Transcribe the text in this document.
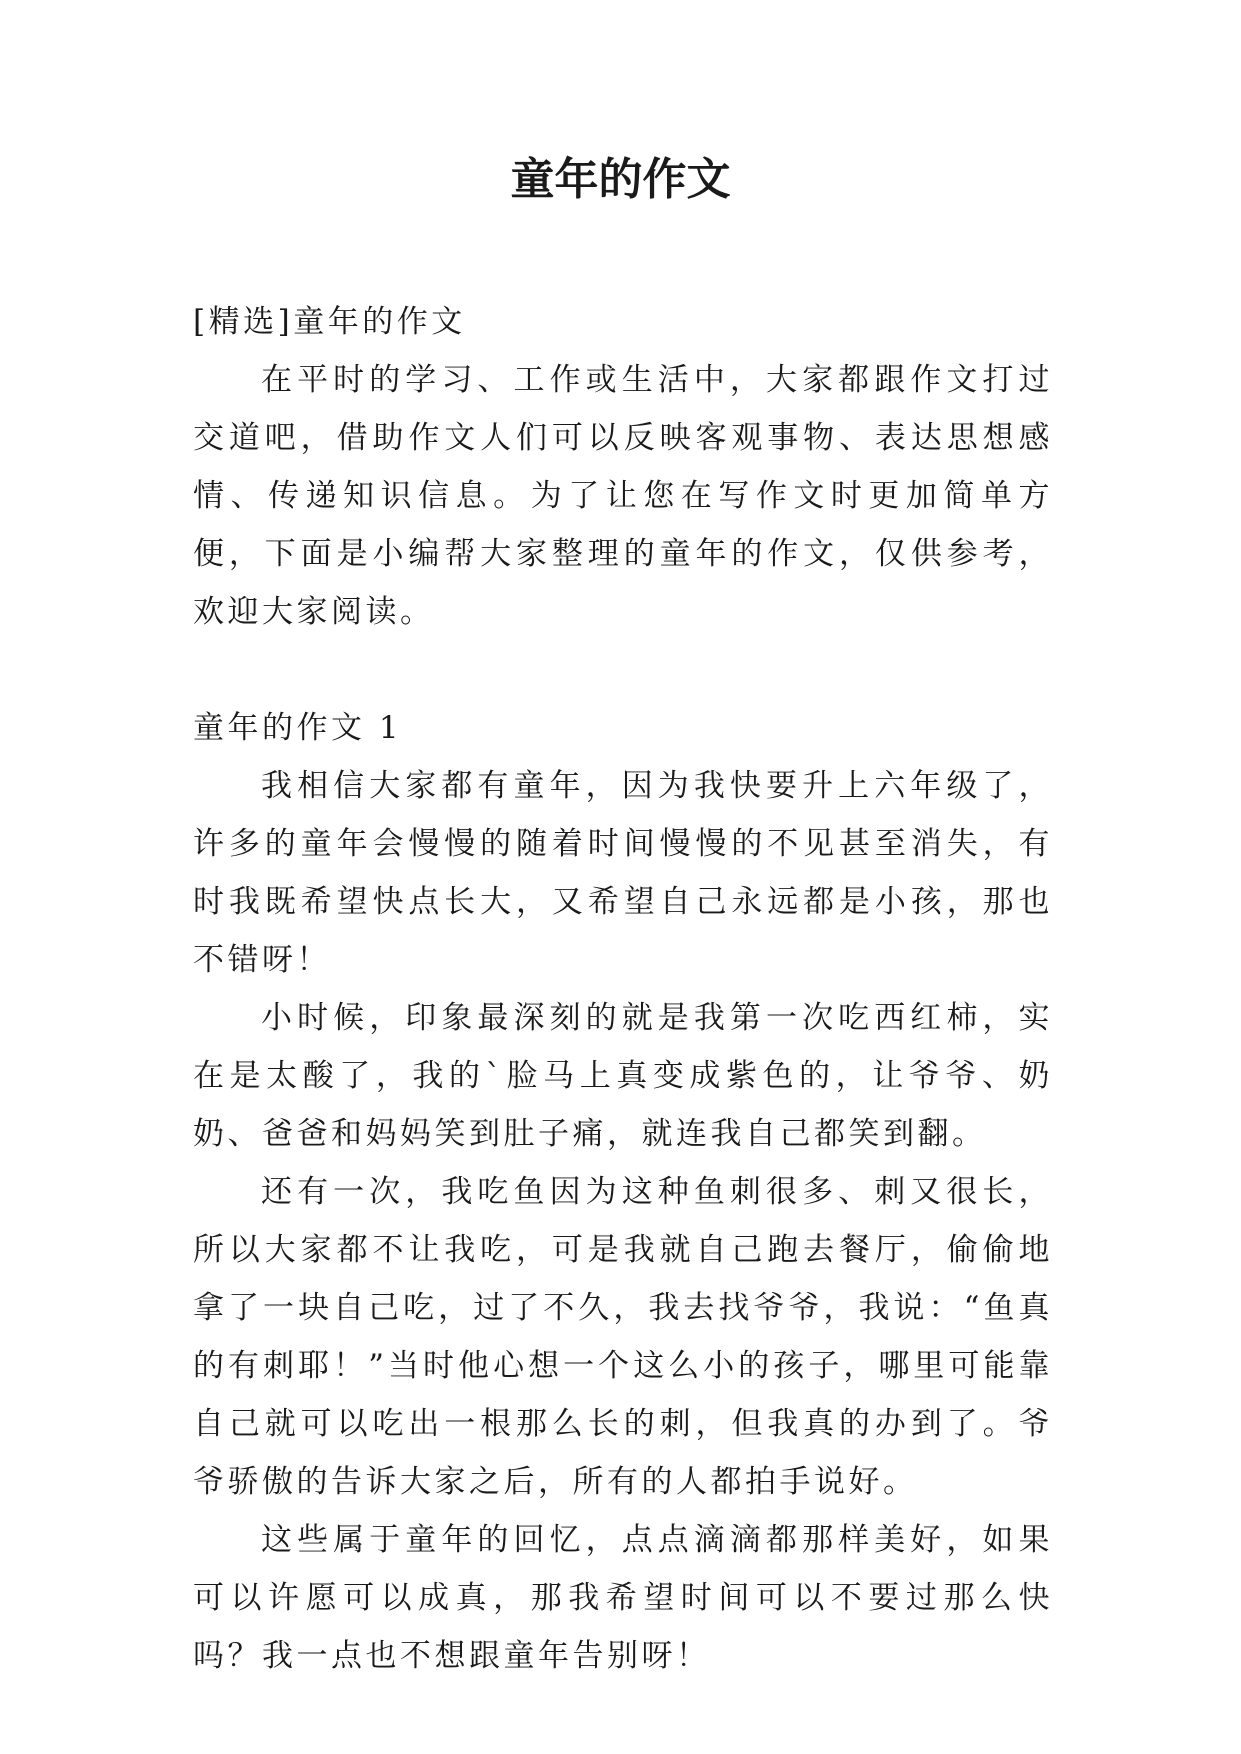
童年的作文

[精选]童年的作文

在平时的学习、工作或生活中，大家都跟作文打过交道吧，借助作文人们可以反映客观事物、表达思想感情、传递知识信息。为了让您在写作文时更加简单方便，下面是小编帮大家整理的童年的作文，仅供参考，欢迎大家阅读。

童年的作文 1

我相信大家都有童年，因为我快要升上六年级了，许多的童年会慢慢的随着时间慢慢的不见甚至消失，有时我既希望快点长大，又希望自己永远都是小孩，那也不错呀！

小时候，印象最深刻的就是我第一次吃西红柿，实在是太酸了，我的`脸马上真变成紫色的，让爷爷、奶奶、爸爸和妈妈笑到肚子痛，就连我自己都笑到翻。

还有一次，我吃鱼因为这种鱼刺很多、刺又很长，所以大家都不让我吃，可是我就自己跑去餐厅，偷偷地拿了一块自己吃，过了不久，我去找爷爷，我说：“鱼真的有刺耶！”当时他心想一个这么小的孩子，哪里可能靠自己就可以吃出一根那么长的刺，但我真的办到了。爷爷骄傲的告诉大家之后，所有的人都拍手说好。

这些属于童年的回忆，点点滴滴都那样美好，如果可以许愿可以成真，那我希望时间可以不要过那么快吗？我一点也不想跟童年告别呀！
